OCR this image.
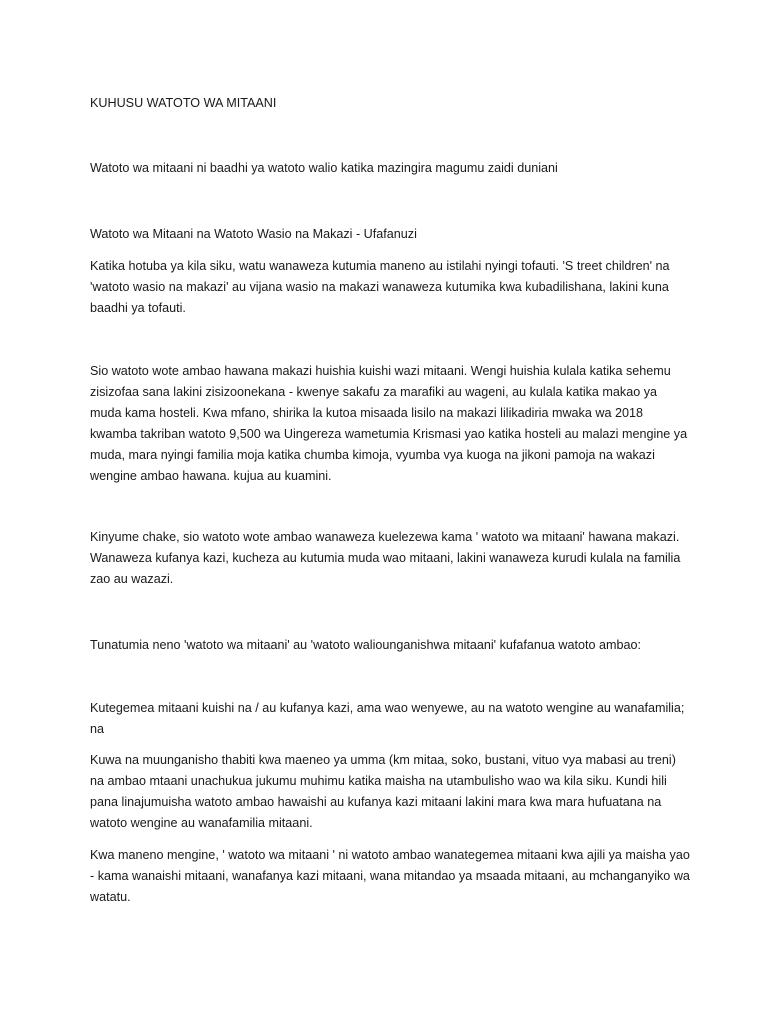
KUHUSU WATOTO WA MITAANI

Watoto wa mitaani ni baadhi ya watoto walio katika mazingira magumu zaidi duniani

Watoto wa Mitaani na Watoto Wasio na Makazi - Ufafanuzi

Katika hotuba ya kila siku, watu wanaweza kutumia maneno au istilahi nyingi tofauti. 'S treet children' na 'watoto wasio na makazi' au vijana wasio na makazi wanaweza kutumika kwa kubadilishana, lakini kuna baadhi ya tofauti.

Sio watoto wote ambao hawana makazi huishia kuishi wazi mitaani. Wengi huishia kulala katika sehemu zisizofaa sana lakini zisizoonekana - kwenye sakafu za marafiki au wageni, au kulala katika makao ya muda kama hosteli. Kwa mfano, shirika la kutoa misaada lisilo na makazi lilikadiria mwaka wa 2018 kwamba takriban watoto 9,500 wa Uingereza wametumia Krismasi yao katika hosteli au malazi mengine ya muda, mara nyingi familia moja katika chumba kimoja, vyumba vya kuoga na jikoni pamoja na wakazi wengine ambao hawana. kujua au kuamini.

Kinyume chake, sio watoto wote ambao wanaweza kuelezewa kama ' watoto wa mitaani' hawana makazi. Wanaweza kufanya kazi, kucheza au kutumia muda wao mitaani, lakini wanaweza kurudi kulala na familia zao au wazazi.

Tunatumia neno 'watoto wa mitaani' au 'watoto waliounganishwa mitaani' kufafanua watoto ambao:

Kutegemea mitaani kuishi na / au kufanya kazi, ama wao wenyewe, au na watoto wengine au wanafamilia; na

Kuwa na muunganisho thabiti kwa maeneo ya umma (km mitaa, soko, bustani, vituo vya mabasi au treni) na ambao mtaani unachukua jukumu muhimu katika maisha na utambulisho wao wa kila siku. Kundi hili pana linajumuisha watoto ambao hawaishi au kufanya kazi mitaani lakini mara kwa mara hufuatana na watoto wengine au wanafamilia mitaani.

Kwa maneno mengine, ' watoto wa mitaani ' ni watoto ambao wanategemea mitaani kwa ajili ya maisha yao - kama wanaishi mitaani, wanafanya kazi mitaani, wana mitandao ya msaada mitaani, au mchanganyiko wa watatu.
